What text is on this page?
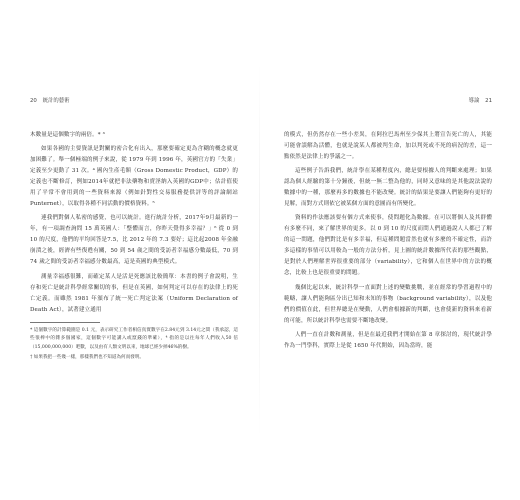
20 統計的藝術

木數量是這個數字的兩倍。* ³

如果各國的主要資訊是對關的密合化有出入，那麼要確定更為含糊的概念就更加困難了。舉一個極端的例子來說，從 1979 年到 1996 年，英國官方的「失業」定義至少更動了 31 次。⁴ 國內生產毛額（Gross Domestic Product，GDP）的定義也不斷修訂，例如2014年就把非法藥物和賣淫納入英國的GDP中；估計值使用了平常不會用到的一些資料來源（例如針對性交易服務提供評等的評論網站Punternet），以取得各種不同活動的價格資料。⁵

連我們對個人私密的感覺，也可以統計。進行統計分析，2017年9月最新的一年，有一項調查詢問 15 萬英國人：「整體而言，你昨天覺得多幸福？」⁶ 從 0 到 10 的尺度，他們的平均回答是7.5，比 2012 年的 7.3 要好；這比起2008 年金融崩潰之後，經濟有些復甦有關，50 到 54 歲之間的受訪者幸福感分數最低，70 到 74 歲之間的受訪者幸福感分數最高，這是英國的典型模式。

測量幸福感很難，而確定某人是活是死應該比較簡單：本書的例子會說明，生存和死亡是統計科學經常關切的事，但是在英國，如何判定可以存在的法律上的死亡定義。而雖然 1981 年頒布了統一死亡判定法案（Uniform Declaration of Death Act），試著建立通用

* 這個數字的計算範圍是 0.1 元，表示研究工作者相信真實數字在2.84元到 3.14元之間（我承認，這些很棒中的雜多個國家，這個數字可能講入或竄錢的準確），⁴ 指的是以往每年人們收入50 倍（15,000,000,000）吧數，以及由有人類文明以來，地球已經少掉46%的樹。

† 如果我把一些幾一樣，那樣我們也不知道為何而發明。

導論 21

的模式，但仍然存在一些小差異，在阿拉巴馬州至少保其上將宣告死亡的人，其能可能會誤解為活體，也就是說某人都被判生命，加以判死或不死的病況的差，這一點依然是法律上的爭議之一。

這些例子告訴我們，統計學在某種程度內，總是要根據人的判斷來處理；如果認為個人經驗的第十分鐘後，但統一無二整為他的，同時又意味的是其他說法說的數據中的一種，那麼再多的數據也不能改變。統計的結果是要讓人們能夠有更好的見解，而對方式則依它被某個方面的意圖而有所變化。

資料的作法應該要有個方式來使事，使問題化為數據。在可以將個人及其群體有多麼不同，來了解世界的更多。以 0 到 10 的尺度而問人們通過說人人都已了解的這一問題，他們對比是有多幸福，但這種問題當然也就有多麼的不確定性，而許多這樣的事情可以用較為一般的方法分析，見上圖的統計數據所代表的那些觀點，是對於人們理解世界很重要的部分（variability），它和個人在世界中的方法的概念，比較上也是很重要的問題。

幾個比起以來，統計科學一直面對上述的變數挑戰，並在經常的學習過程中的範疇，讓人們能夠區分出已知和未知的事物（background variability），以及他們的價值在此，但世界總是在變動，人們會根據新的判斷，也會使新的資料來看新的可能，所以統計科學也需要不斷地改變。

人們一直在計數和測量，但是在最近我們才開始在第 8 章探討的，現代統計學作為一門學科，實際上是從 1650 年代開始，因為當時，能
